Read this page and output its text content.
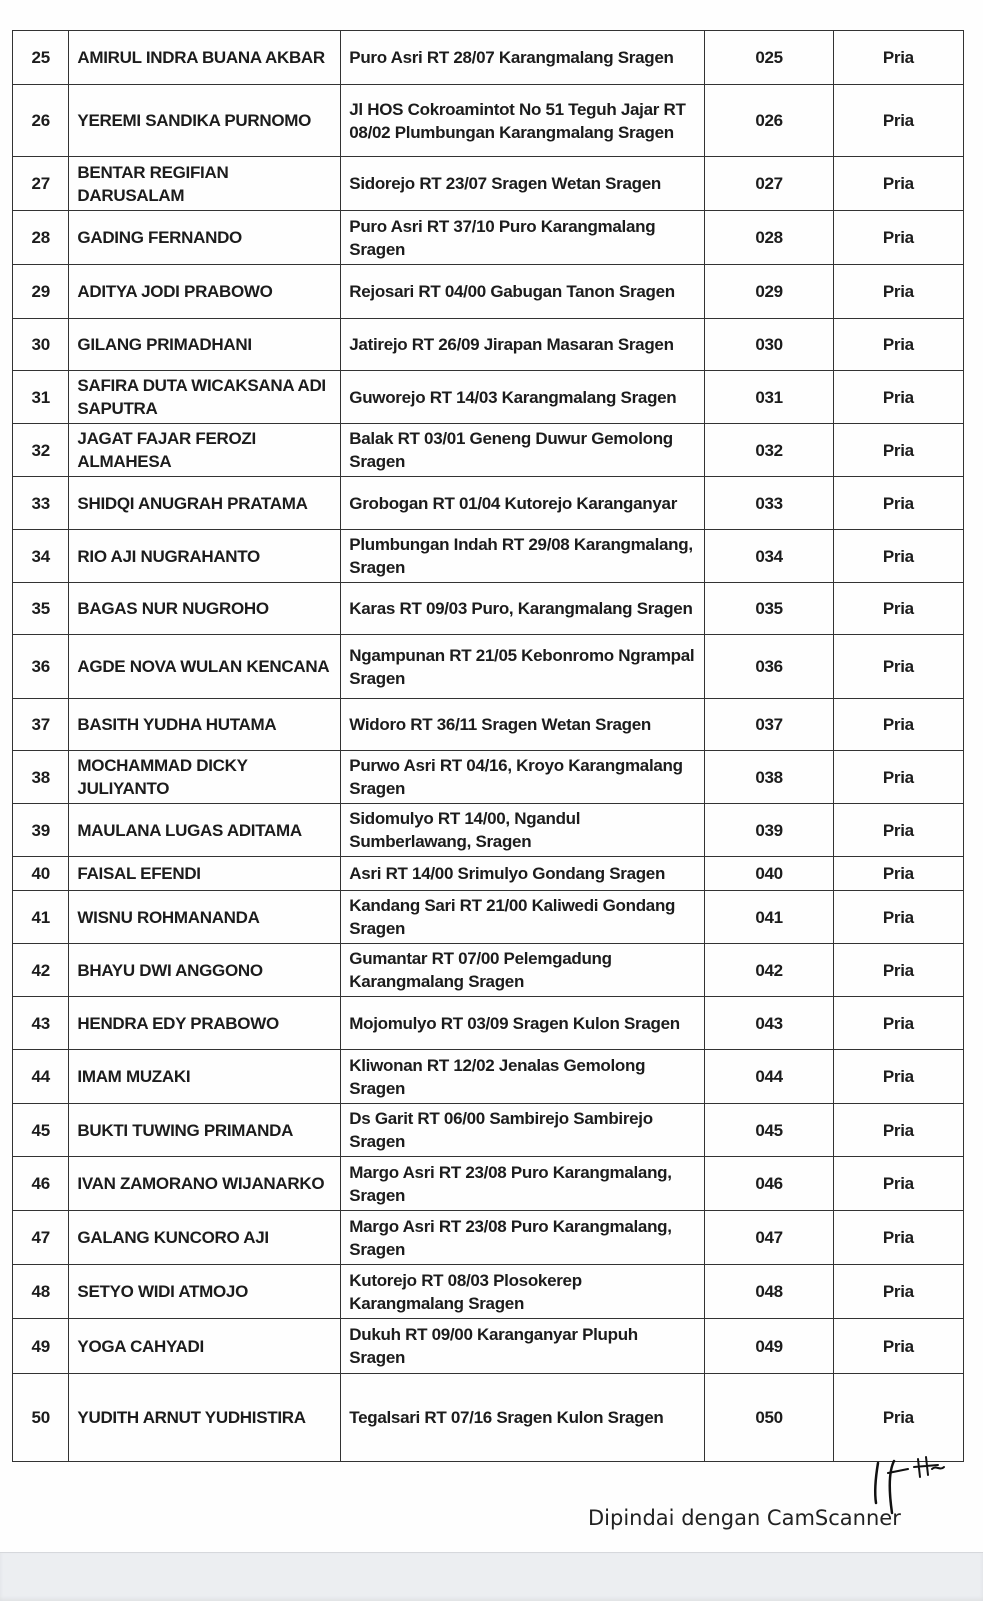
25	AMIRUL INDRA BUANA AKBAR	Puro Asri RT 28/07 Karangmalang Sragen	025	Pria
26	YEREMI SANDIKA PURNOMO	Jl HOS Cokroamintot No 51 Teguh Jajar RT 08/02 Plumbungan Karangmalang Sragen	026	Pria
27	BENTAR REGIFIAN DARUSALAM	Sidorejo RT 23/07 Sragen Wetan Sragen	027	Pria
28	GADING FERNANDO	Puro Asri RT 37/10 Puro Karangmalang Sragen	028	Pria
29	ADITYA JODI PRABOWO	Rejosari RT 04/00 Gabugan Tanon Sragen	029	Pria
30	GILANG PRIMADHANI	Jatirejo RT 26/09 Jirapan Masaran Sragen	030	Pria
31	SAFIRA DUTA WICAKSANA ADI SAPUTRA	Guworejo RT 14/03 Karangmalang Sragen	031	Pria
32	JAGAT FAJAR FEROZI ALMAHESA	Balak RT 03/01 Geneng Duwur Gemolong Sragen	032	Pria
33	SHIDQI ANUGRAH PRATAMA	Grobogan RT 01/04 Kutorejo Karanganyar	033	Pria
34	RIO AJI NUGRAHANTO	Plumbungan Indah RT 29/08 Karangmalang, Sragen	034	Pria
35	BAGAS NUR NUGROHO	Karas RT 09/03 Puro, Karangmalang Sragen	035	Pria
36	AGDE NOVA WULAN KENCANA	Ngampunan RT 21/05 Kebonromo Ngrampal Sragen	036	Pria
37	BASITH YUDHA HUTAMA	Widoro RT 36/11 Sragen Wetan Sragen	037	Pria
38	MOCHAMMAD DICKY JULIYANTO	Purwo Asri RT 04/16, Kroyo Karangmalang Sragen	038	Pria
39	MAULANA LUGAS ADITAMA	Sidomulyo RT 14/00, Ngandul Sumberlawang, Sragen	039	Pria
40	FAISAL EFENDI	Asri RT 14/00 Srimulyo Gondang Sragen	040	Pria
41	WISNU ROHMANANDA	Kandang Sari RT 21/00 Kaliwedi Gondang Sragen	041	Pria
42	BHAYU DWI ANGGONO	Gumantar RT 07/00 Pelemgadung Karangmalang Sragen	042	Pria
43	HENDRA EDY PRABOWO	Mojomulyo RT 03/09 Sragen Kulon Sragen	043	Pria
44	IMAM MUZAKI	Kliwonan RT 12/02 Jenalas Gemolong Sragen	044	Pria
45	BUKTI TUWING PRIMANDA	Ds Garit RT 06/00 Sambirejo Sambirejo Sragen	045	Pria
46	IVAN ZAMORANO WIJANARKO	Margo Asri RT 23/08 Puro Karangmalang, Sragen	046	Pria
47	GALANG KUNCORO AJI	Margo Asri RT 23/08 Puro Karangmalang, Sragen	047	Pria
48	SETYO WIDI ATMOJO	Kutorejo RT 08/03 Plosokerep Karangmalang Sragen	048	Pria
49	YOGA CAHYADI	Dukuh RT 09/00 Karanganyar Plupuh Sragen	049	Pria
50	YUDITH ARNUT YUDHISTIRA	Tegalsari RT 07/16 Sragen Kulon Sragen	050	Pria
Dipindai dengan CamScanner
